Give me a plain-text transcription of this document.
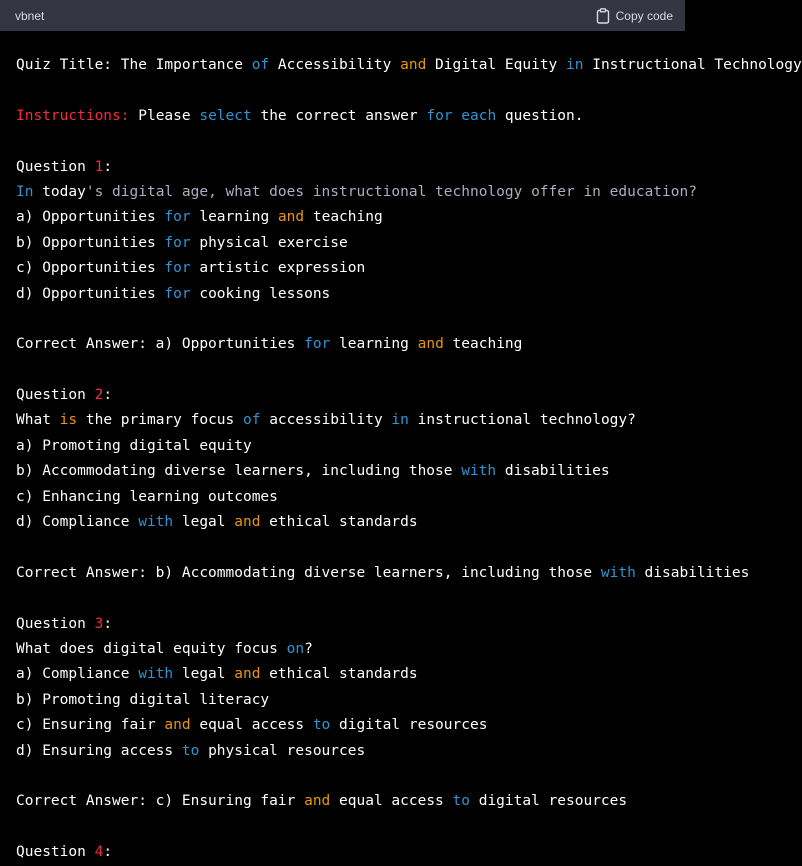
vbnet	Copy code
Quiz Title: The Importance of Accessibility and Digital Equity in Instructional Technology

Instructions: Please select the correct answer for each question.

Question 1:
In today's digital age, what does instructional technology offer in education?
a) Opportunities for learning and teaching
b) Opportunities for physical exercise
c) Opportunities for artistic expression
d) Opportunities for cooking lessons

Correct Answer: a) Opportunities for learning and teaching

Question 2:
What is the primary focus of accessibility in instructional technology?
a) Promoting digital equity
b) Accommodating diverse learners, including those with disabilities
c) Enhancing learning outcomes
d) Compliance with legal and ethical standards

Correct Answer: b) Accommodating diverse learners, including those with disabilities

Question 3:
What does digital equity focus on?
a) Compliance with legal and ethical standards
b) Promoting digital literacy
c) Ensuring fair and equal access to digital resources
d) Ensuring access to physical resources

Correct Answer: c) Ensuring fair and equal access to digital resources

Question 4:
